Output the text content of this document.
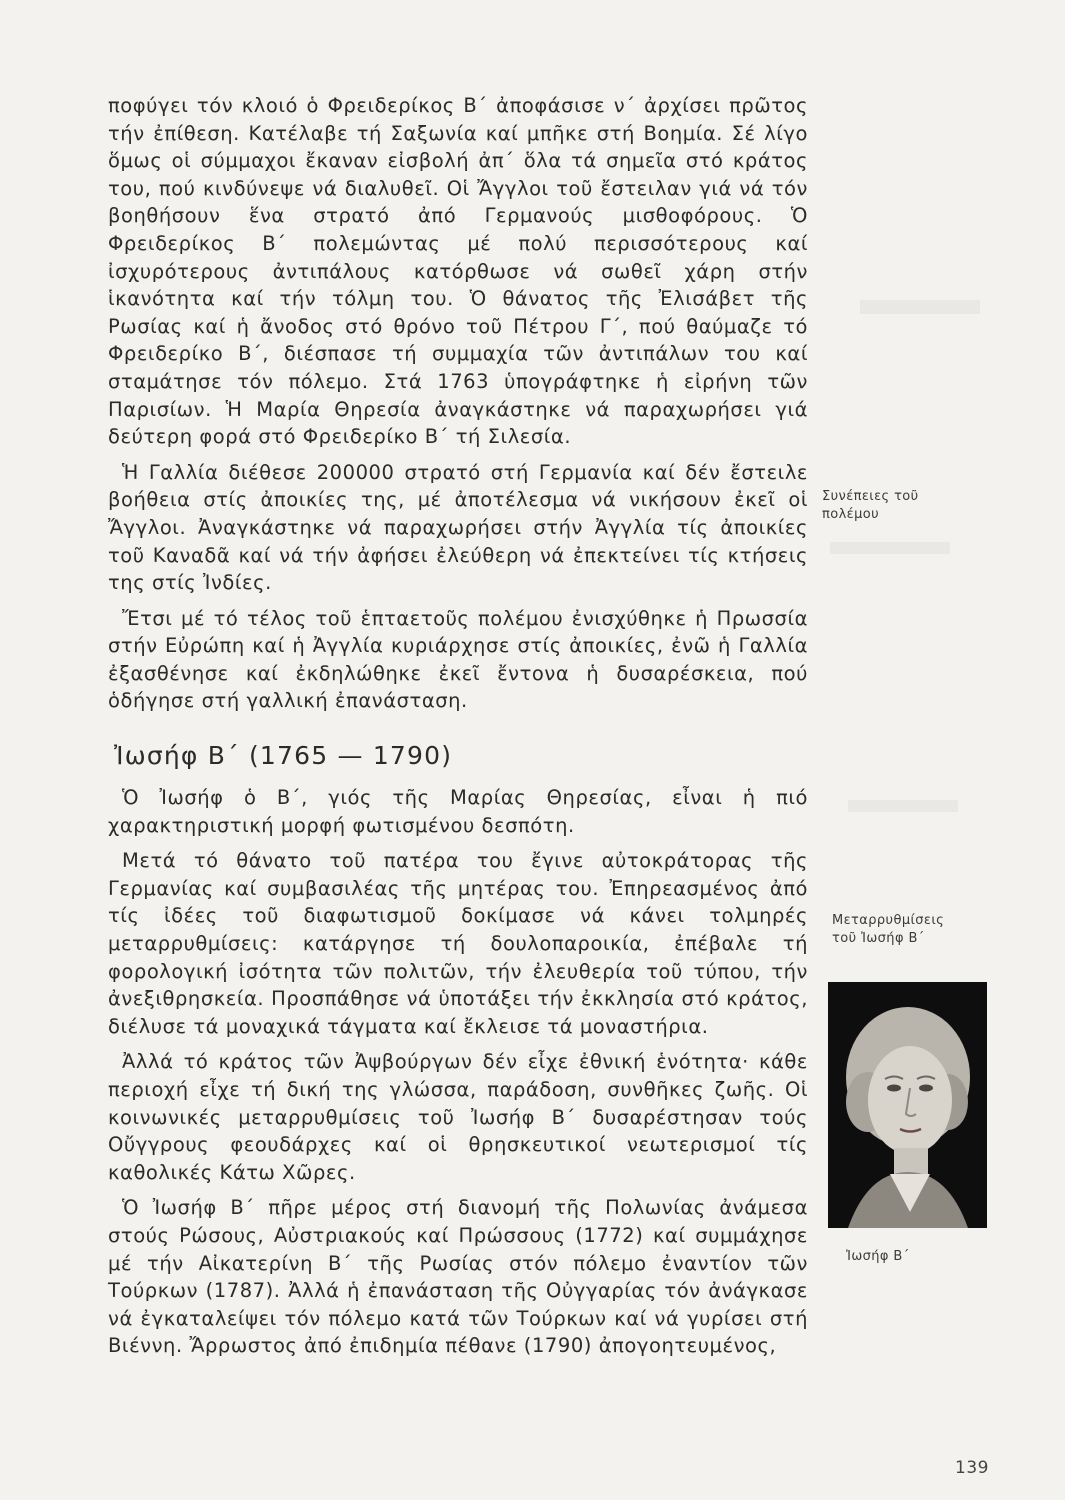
ποφύγει τόν κλοιό ὁ Φρειδερίκος Β΄ ἀποφάσισε ν΄ ἀρχίσει πρῶτος τήν ἐπίθεση. Κατέλαβε τή Σαξωνία καί μπῆκε στή Βοημία. Σέ λίγο ὅμως οἱ σύμμαχοι ἔκαναν εἰσβολή ἀπ΄ ὅλα τά σημεῖα στό κράτος του, πού κινδύνεψε νά διαλυθεῖ. Οἱ Ἄγγλοι τοῦ ἔστειλαν γιά νά τόν βοηθήσουν ἕνα στρατό ἀπό Γερμανούς μισθοφόρους. Ὁ Φρειδερίκος Β΄ πολεμώντας μέ πολύ περισσότερους καί ἰσχυρότερους ἀντιπάλους κατόρθωσε νά σωθεῖ χάρη στήν ἱκανότητα καί τήν τόλμη του. Ὁ θάνατος τῆς Ἐλισάβετ τῆς Ρωσίας καί ἡ ἄνοδος στό θρόνο τοῦ Πέτρου Γ΄, πού θαύμαζε τό Φρειδερίκο Β΄, διέσπασε τή συμμαχία τῶν ἀντιπάλων του καί σταμάτησε τόν πόλεμο. Στά 1763 ὑπογράφτηκε ἡ εἰρήνη τῶν Παρισίων. Ἡ Μαρία Θηρεσία ἀναγκάστηκε νά παραχωρήσει γιά δεύτερη φορά στό Φρειδερίκο Β΄ τή Σιλεσία.

Ἡ Γαλλία διέθεσε 200000 στρατό στή Γερμανία καί δέν ἔστειλε βοήθεια στίς ἀποικίες της, μέ ἀποτέλεσμα νά νικήσουν ἐκεῖ οἱ Ἄγγλοι. Ἀναγκάστηκε νά παραχωρήσει στήν Ἀγγλία τίς ἀποικίες τοῦ Καναδᾶ καί νά τήν ἀφήσει ἐλεύθερη νά ἐπεκτείνει τίς κτήσεις της στίς Ἰνδίες.

Ἔτσι μέ τό τέλος τοῦ ἑπταετοῦς πολέμου ἐνισχύθηκε ἡ Πρωσσία στήν Εὐρώπη καί ἡ Ἀγγλία κυριάρχησε στίς ἀποικίες, ἐνῶ ἡ Γαλλία ἐξασθένησε καί ἐκδηλώθηκε ἐκεῖ ἔντονα ἡ δυσαρέσκεια, πού ὁδήγησε στή γαλλική ἐπανάσταση.

Ἰωσήφ Β΄ (1765 — 1790)

Ὁ Ἰωσήφ ὁ Β΄, γιός τῆς Μαρίας Θηρεσίας, εἶναι ἡ πιό χαρακτηριστική μορφή φωτισμένου δεσπότη.

Μετά τό θάνατο τοῦ πατέρα του ἔγινε αὐτοκράτορας τῆς Γερμανίας καί συμβασιλέας τῆς μητέρας του. Ἐπηρεασμένος ἀπό τίς ἰδέες τοῦ διαφωτισμοῦ δοκίμασε νά κάνει τολμηρές μεταρρυθμίσεις: κατάργησε τή δουλοπαροικία, ἐπέβαλε τή φορολογική ἰσότητα τῶν πολιτῶν, τήν ἐλευθερία τοῦ τύπου, τήν ἀνεξιθρησκεία. Προσπάθησε νά ὑποτάξει τήν ἐκκλησία στό κράτος, διέλυσε τά μοναχικά τάγματα καί ἔκλεισε τά μοναστήρια.

Ἀλλά τό κράτος τῶν Ἀψβούργων δέν εἶχε ἐθνική ἑνότητα· κάθε περιοχή εἶχε τή δική της γλώσσα, παράδοση, συνθῆκες ζωῆς. Οἱ κοινωνικές μεταρρυθμίσεις τοῦ Ἰωσήφ Β΄ δυσαρέστησαν τούς Οὔγγρους φεουδάρχες καί οἱ θρησκευτικοί νεωτερισμοί τίς καθολικές Κάτω Χῶρες.

Ὁ Ἰωσήφ Β΄ πῆρε μέρος στή διανομή τῆς Πολωνίας ἀνάμεσα στούς Ρώσους, Αὐστριακούς καί Πρώσσους (1772) καί συμμάχησε μέ τήν Αἰκατερίνη Β΄ τῆς Ρωσίας στόν πόλεμο ἐναντίον τῶν Τούρκων (1787). Ἀλλά ἡ ἐπανάσταση τῆς Οὐγγαρίας τόν ἀνάγκασε νά ἐγκαταλείψει τόν πόλεμο κατά τῶν Τούρκων καί νά γυρίσει στή Βιέννη. Ἄρρωστος ἀπό ἐπιδημία πέθανε (1790) ἀπογοητευμένος,

Συνέπειες τοῦ πολέμου
Μεταρρυθμίσεις τοῦ Ἰωσήφ Β΄
Ἰωσήφ Β΄
139
